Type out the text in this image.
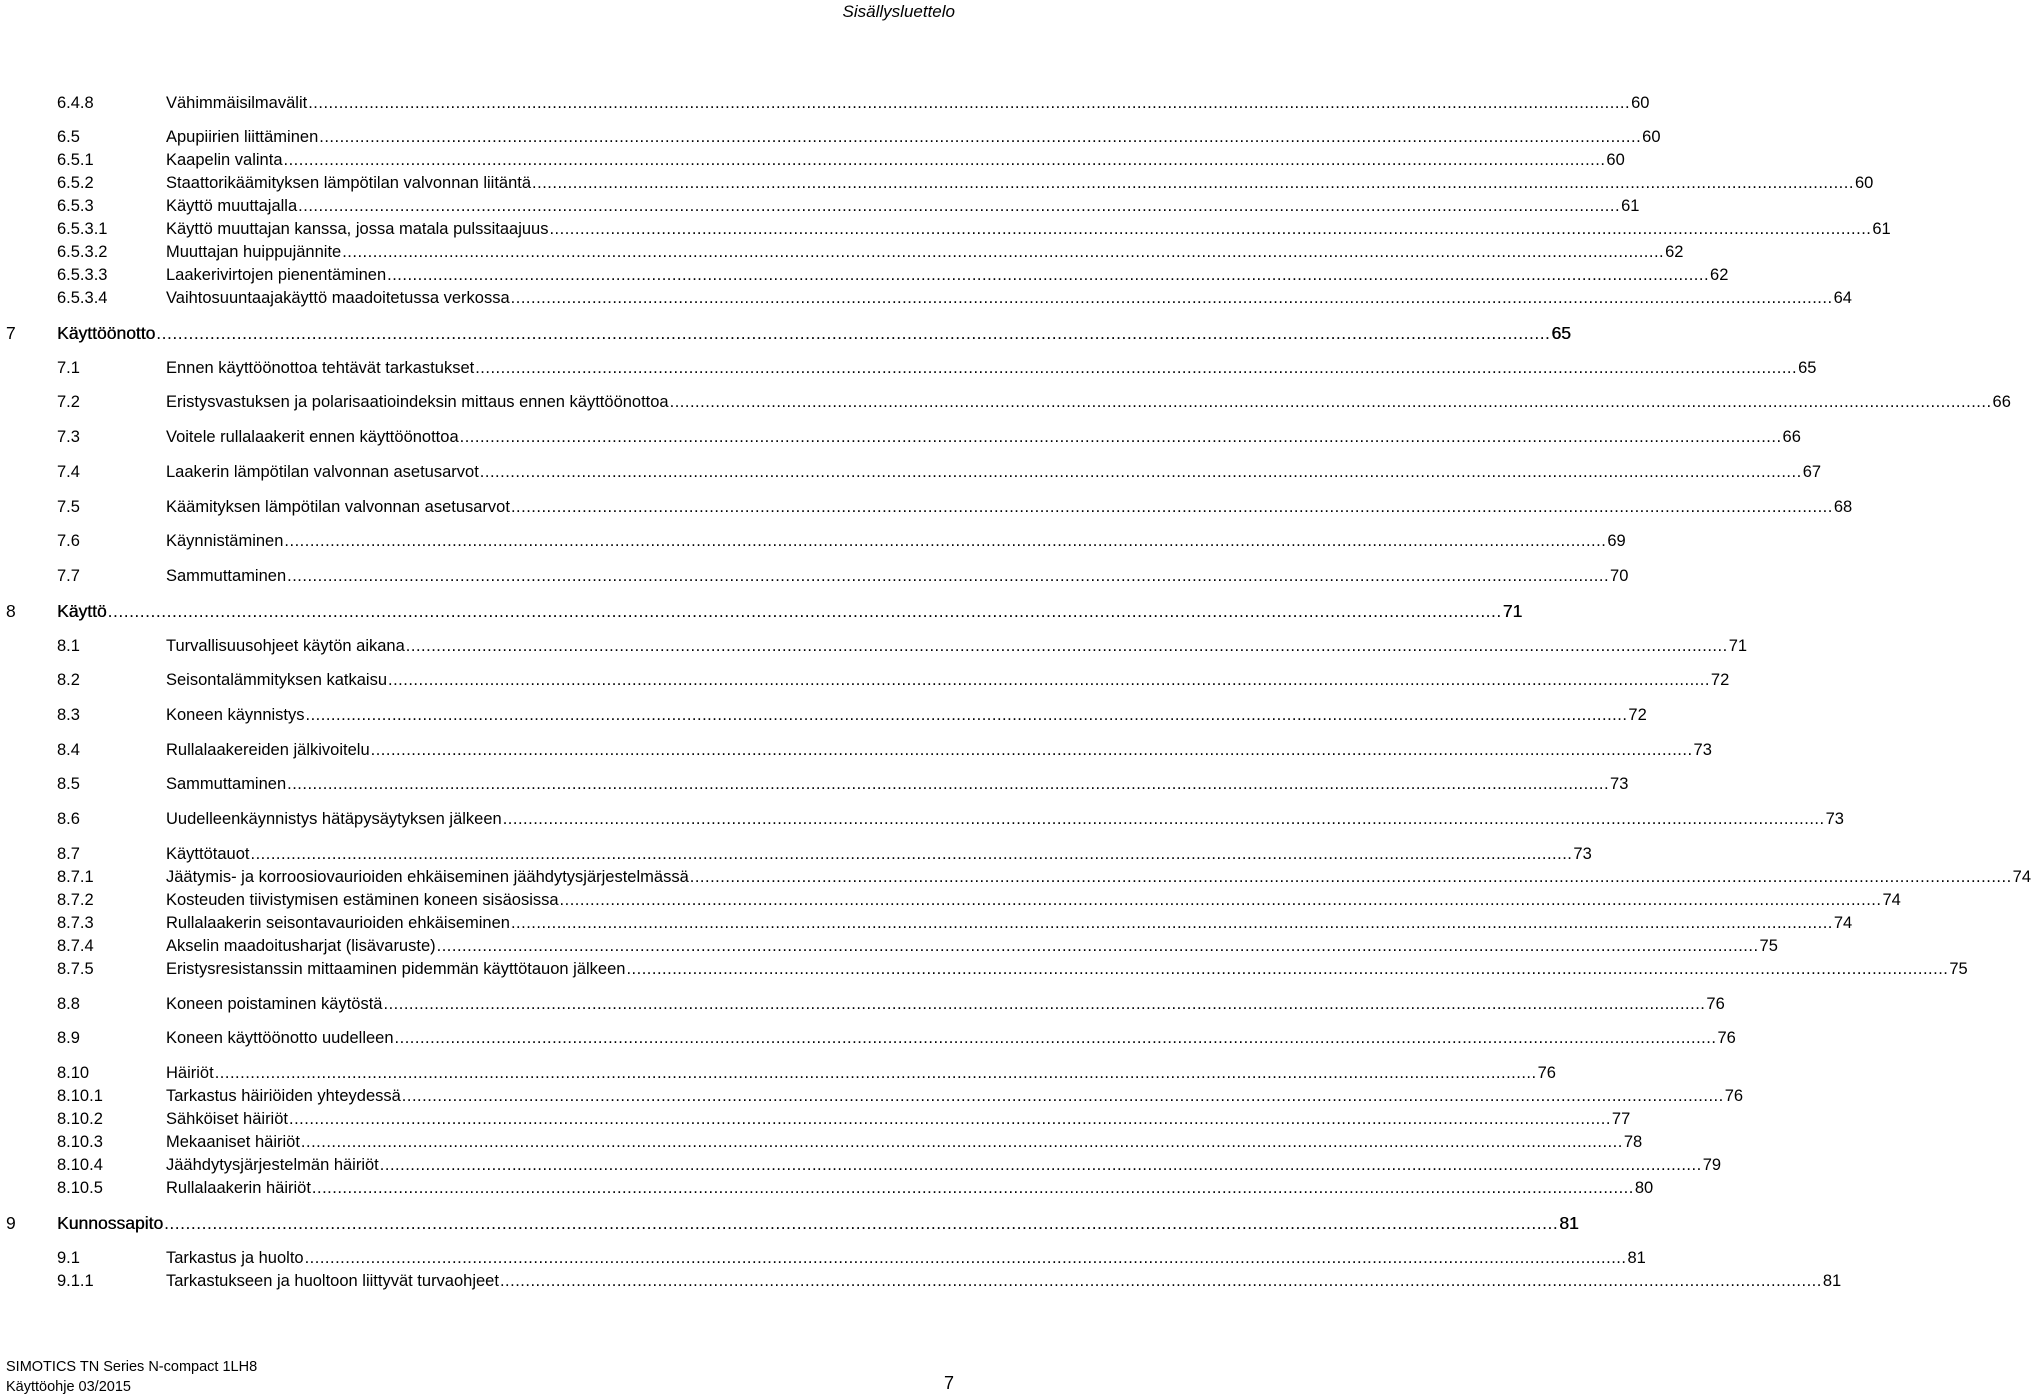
Sisällysluettelo
6.4.8	Vähimmäisilmavälit .................................................................................................................................................................................................................................................................... 60
6.5	Apupiirien liittäminen .................................................................................................................................................................................................................................................................... 60
6.5.1	Kaapelin valinta .................................................................................................................................................................................................................................................................... 60
6.5.2	Staattorikäämityksen lämpötilan valvonnan liitäntä .................................................................................................................................................................................................................................................................... 60
6.5.3	Käyttö muuttajalla .................................................................................................................................................................................................................................................................... 61
6.5.3.1	Käyttö muuttajan kanssa, jossa matala pulssitaajuus .................................................................................................................................................................................................................................................................... 61
6.5.3.2	Muuttajan huippujännite .................................................................................................................................................................................................................................................................... 62
6.5.3.3	Laakerivirtojen pienentäminen .................................................................................................................................................................................................................................................................... 62
6.5.3.4	Vaihtosuuntaajakäyttö maadoitetussa verkossa .................................................................................................................................................................................................................................................................... 64
7 Käyttöönotto .................................................................................................................................................................................................................................................................... 65
7.1	Ennen käyttöönottoa tehtävät tarkastukset .................................................................................................................................................................................................................................................................... 65
7.2	Eristysvastuksen ja polarisaatioindeksin mittaus ennen käyttöönottoa .................................................................................................................................................................................................................................................................... 66
7.3	Voitele rullalaakerit ennen käyttöönottoa .................................................................................................................................................................................................................................................................... 66
7.4	Laakerin lämpötilan valvonnan asetusarvot .................................................................................................................................................................................................................................................................... 67
7.5	Käämityksen lämpötilan valvonnan asetusarvot .................................................................................................................................................................................................................................................................... 68
7.6	Käynnistäminen .................................................................................................................................................................................................................................................................... 69
7.7	Sammuttaminen .................................................................................................................................................................................................................................................................... 70
8 Käyttö .................................................................................................................................................................................................................................................................... 71
8.1	Turvallisuusohjeet käytön aikana .................................................................................................................................................................................................................................................................... 71
8.2	Seisontalämmityksen katkaisu .................................................................................................................................................................................................................................................................... 72
8.3	Koneen käynnistys .................................................................................................................................................................................................................................................................... 72
8.4	Rullalaakereiden jälkivoitelu .................................................................................................................................................................................................................................................................... 73
8.5	Sammuttaminen .................................................................................................................................................................................................................................................................... 73
8.6	Uudelleenkäynnistys hätäpysäytyksen jälkeen .................................................................................................................................................................................................................................................................... 73
8.7	Käyttötauot .................................................................................................................................................................................................................................................................... 73
8.7.1	Jäätymis- ja korroosiovaurioiden ehkäiseminen jäähdytysjärjestelmässä .................................................................................................................................................................................................................................................................... 74
8.7.2	Kosteuden tiivistymisen estäminen koneen sisäosissa .................................................................................................................................................................................................................................................................... 74
8.7.3	Rullalaakerin seisontavaurioiden ehkäiseminen .................................................................................................................................................................................................................................................................... 74
8.7.4	Akselin maadoitusharjat (lisävaruste) .................................................................................................................................................................................................................................................................... 75
8.7.5	Eristysresistanssin mittaaminen pidemmän käyttötauon jälkeen .................................................................................................................................................................................................................................................................... 75
8.8	Koneen poistaminen käytöstä .................................................................................................................................................................................................................................................................... 76
8.9	Koneen käyttöönotto uudelleen .................................................................................................................................................................................................................................................................... 76
8.10	Häiriöt .................................................................................................................................................................................................................................................................... 76
8.10.1	Tarkastus häiriöiden yhteydessä .................................................................................................................................................................................................................................................................... 76
8.10.2	Sähköiset häiriöt .................................................................................................................................................................................................................................................................... 77
8.10.3	Mekaaniset häiriöt .................................................................................................................................................................................................................................................................... 78
8.10.4	Jäähdytysjärjestelmän häiriöt .................................................................................................................................................................................................................................................................... 79
8.10.5	Rullalaakerin häiriöt .................................................................................................................................................................................................................................................................... 80
9 Kunnossapito .................................................................................................................................................................................................................................................................... 81
9.1	Tarkastus ja huolto .................................................................................................................................................................................................................................................................... 81
9.1.1	Tarkastukseen ja huoltoon liittyvät turvaohjeet .................................................................................................................................................................................................................................................................... 81
SIMOTICS TN Series N-compact 1LH8
Käyttöohje 03/2015	7
